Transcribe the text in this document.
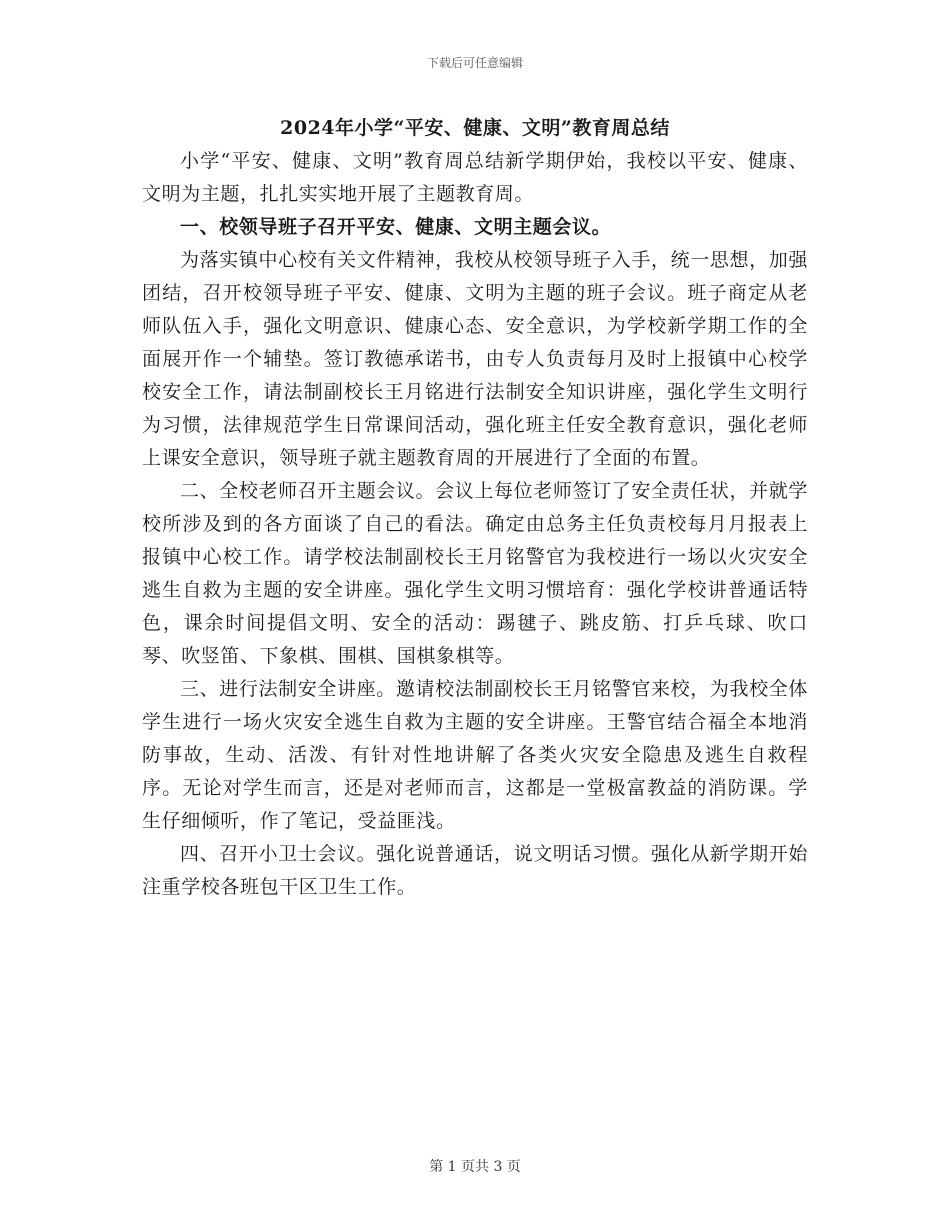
下载后可任意编辑
2024年小学“平安、健康、文明”教育周总结

小学“平安、健康、文明”教育周总结新学期伊始，我校以平安、健康、文明为主题，扎扎实实地开展了主题教育周。

一、校领导班子召开平安、健康、文明主题会议。

为落实镇中心校有关文件精神，我校从校领导班子入手，统一思想，加强团结，召开校领导班子平安、健康、文明为主题的班子会议。班子商定从老师队伍入手，强化文明意识、健康心态、安全意识，为学校新学期工作的全面展开作一个辅垫。签订教德承诺书，由专人负责每月及时上报镇中心校学校安全工作，请法制副校长王月铭进行法制安全知识讲座，强化学生文明行为习惯，法律规范学生日常课间活动，强化班主任安全教育意识，强化老师上课安全意识，领导班子就主题教育周的开展进行了全面的布置。

二、全校老师召开主题会议。会议上每位老师签订了安全责任状，并就学校所涉及到的各方面谈了自己的看法。确定由总务主任负责校每月月报表上报镇中心校工作。请学校法制副校长王月铭警官为我校进行一场以火灾安全逃生自救为主题的安全讲座。强化学生文明习惯培育：强化学校讲普通话特色，课余时间提倡文明、安全的活动：踢毽子、跳皮筋、打乒乓球、吹口琴、吹竖笛、下象棋、围棋、国棋象棋等。

三、进行法制安全讲座。邀请校法制副校长王月铭警官来校，为我校全体学生进行一场火灾安全逃生自救为主题的安全讲座。王警官结合福全本地消防事故，生动、活泼、有针对性地讲解了各类火灾安全隐患及逃生自救程序。无论对学生而言，还是对老师而言，这都是一堂极富教益的消防课。学生仔细倾听，作了笔记，受益匪浅。

四、召开小卫士会议。强化说普通话，说文明话习惯。强化从新学期开始注重学校各班包干区卫生工作。

第 1 页共 3 页
